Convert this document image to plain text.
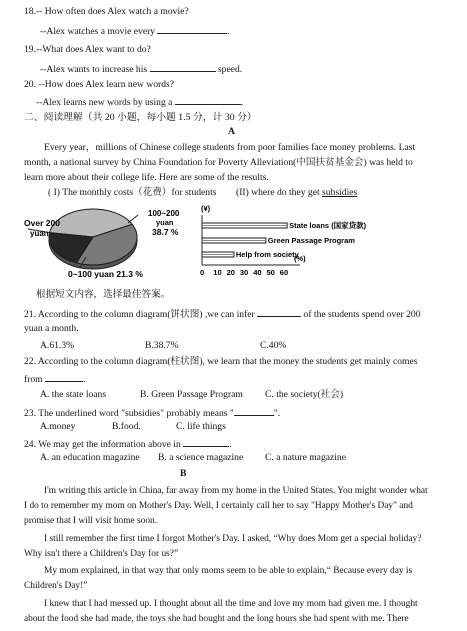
18.-- How often does Alex watch a movie?
--Alex watches a movie every	.
19.--What does Alex want to do?
--Alex wants to increase his	speed.
20. --How does Alex learn new words?
--Alex learns new words by using a	.
二、阅读理解（共 20 小题，每小题 1.5 分，计 30 分）
A
Every year，millions of Chinese college students from poor families face money problems. Last
month, a national survey by China Foundation for Poverty Alleviation(中国扶贫基金会) was held to
learn more about their college life. Here are some of the results.
( I) The monthly costs（花费）for students (II) where do they get subsidies
Over 200
yuan
100~200
yuan
38.7 %
0~100 yuan 21.3 %
(¥)
State loans (国家贷款)
Green Passage Program
Help from society
0 10 20 30 40 50 60
(%)
根据短文内容，选择最佳答案。
21. According to the column diagram(饼状图) ,we can infer	of the students spend over 200
yuan a month.
A.61.3%	B.38.7%	C.40%
22. According to the column diagram(柱状图), we learn that the money the students get mainly comes
from	.
A. the state loans	B. Green Passage Program C. the society(社会)
23. The underlined word "subsidies" probably means "	".
A.money	B.food.	C. life things
24. We may get the information above in	.
A. an education magazine B. a science magazine C. a nature magazine
B
I'm writing this article in China, far away from my home in the United States. You might wonder what
I do to remember my mom on Mother's Day. Well, I certainly call her to say "Happy Mother's Day" and
promise that I will visit home soon.
I still remember the first time I forgot Mother's Day. I asked, “Why does Mom get a special holiday?
Why isn't there a Children's Day for us?”
My mom explained, in that way that only moms seem to be able to explain,“ Because every day is
Children's Day!”
I knew that I had messed up. I thought about all the time and love my mom had given me. I thought
about the food she had made, the toys she had bought and the long hours she had spent with me. There
